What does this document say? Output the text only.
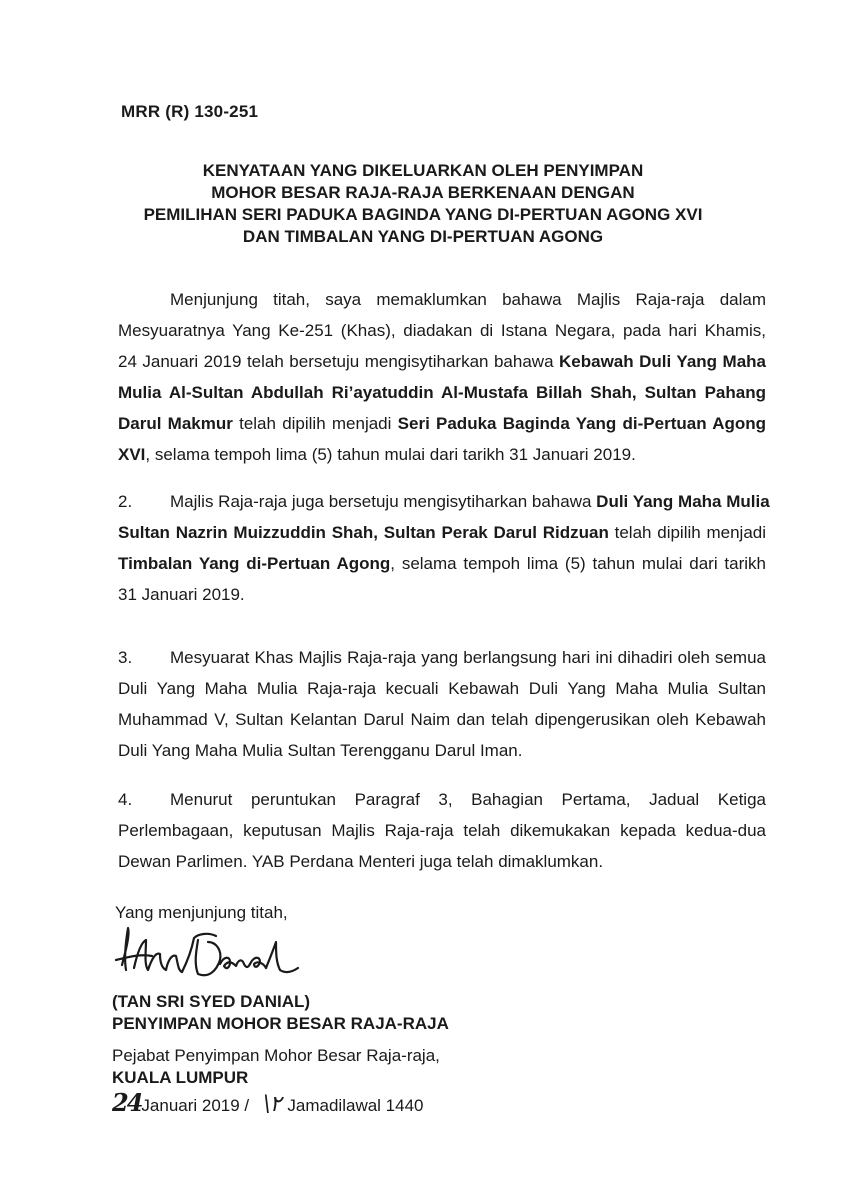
MRR (R) 130-251
KENYATAAN YANG DIKELUARKAN OLEH PENYIMPAN
MOHOR BESAR RAJA-RAJA BERKENAAN DENGAN
PEMILIHAN SERI PADUKA BAGINDA YANG DI-PERTUAN AGONG XVI
DAN TIMBALAN YANG DI-PERTUAN AGONG
Menjunjung titah, saya memaklumkan bahawa Majlis Raja-raja dalam
Mesyuaratnya Yang Ke-251 (Khas), diadakan di Istana Negara, pada hari Khamis,
24 Januari 2019 telah bersetuju mengisytiharkan bahawa Kebawah Duli Yang Maha
Mulia Al-Sultan Abdullah Ri’ayatuddin Al-Mustafa Billah Shah, Sultan Pahang
Darul Makmur telah dipilih menjadi Seri Paduka Baginda Yang di-Pertuan Agong
XVI, selama tempoh lima (5) tahun mulai dari tarikh 31 Januari 2019.
2. Majlis Raja-raja juga bersetuju mengisytiharkan bahawa Duli Yang Maha Mulia
Sultan Nazrin Muizzuddin Shah, Sultan Perak Darul Ridzuan telah dipilih menjadi
Timbalan Yang di-Pertuan Agong, selama tempoh lima (5) tahun mulai dari tarikh
31 Januari 2019.
3. Mesyuarat Khas Majlis Raja-raja yang berlangsung hari ini dihadiri oleh semua
Duli Yang Maha Mulia Raja-raja kecuali Kebawah Duli Yang Maha Mulia Sultan
Muhammad V, Sultan Kelantan Darul Naim dan telah dipengerusikan oleh Kebawah
Duli Yang Maha Mulia Sultan Terengganu Darul Iman.
4. Menurut peruntukan Paragraf 3, Bahagian Pertama, Jadual Ketiga
Perlembagaan, keputusan Majlis Raja-raja telah dikemukakan kepada kedua-dua
Dewan Parlimen. YAB Perdana Menteri juga telah dimaklumkan.
Yang menjunjung titah,
(TAN SRI SYED DANIAL)
PENYIMPAN MOHOR BESAR RAJA-RAJA
Pejabat Penyimpan Mohor Besar Raja-raja,
KUALA LUMPUR
24Januari 2019 / \٢ Jamadilawal 1440
